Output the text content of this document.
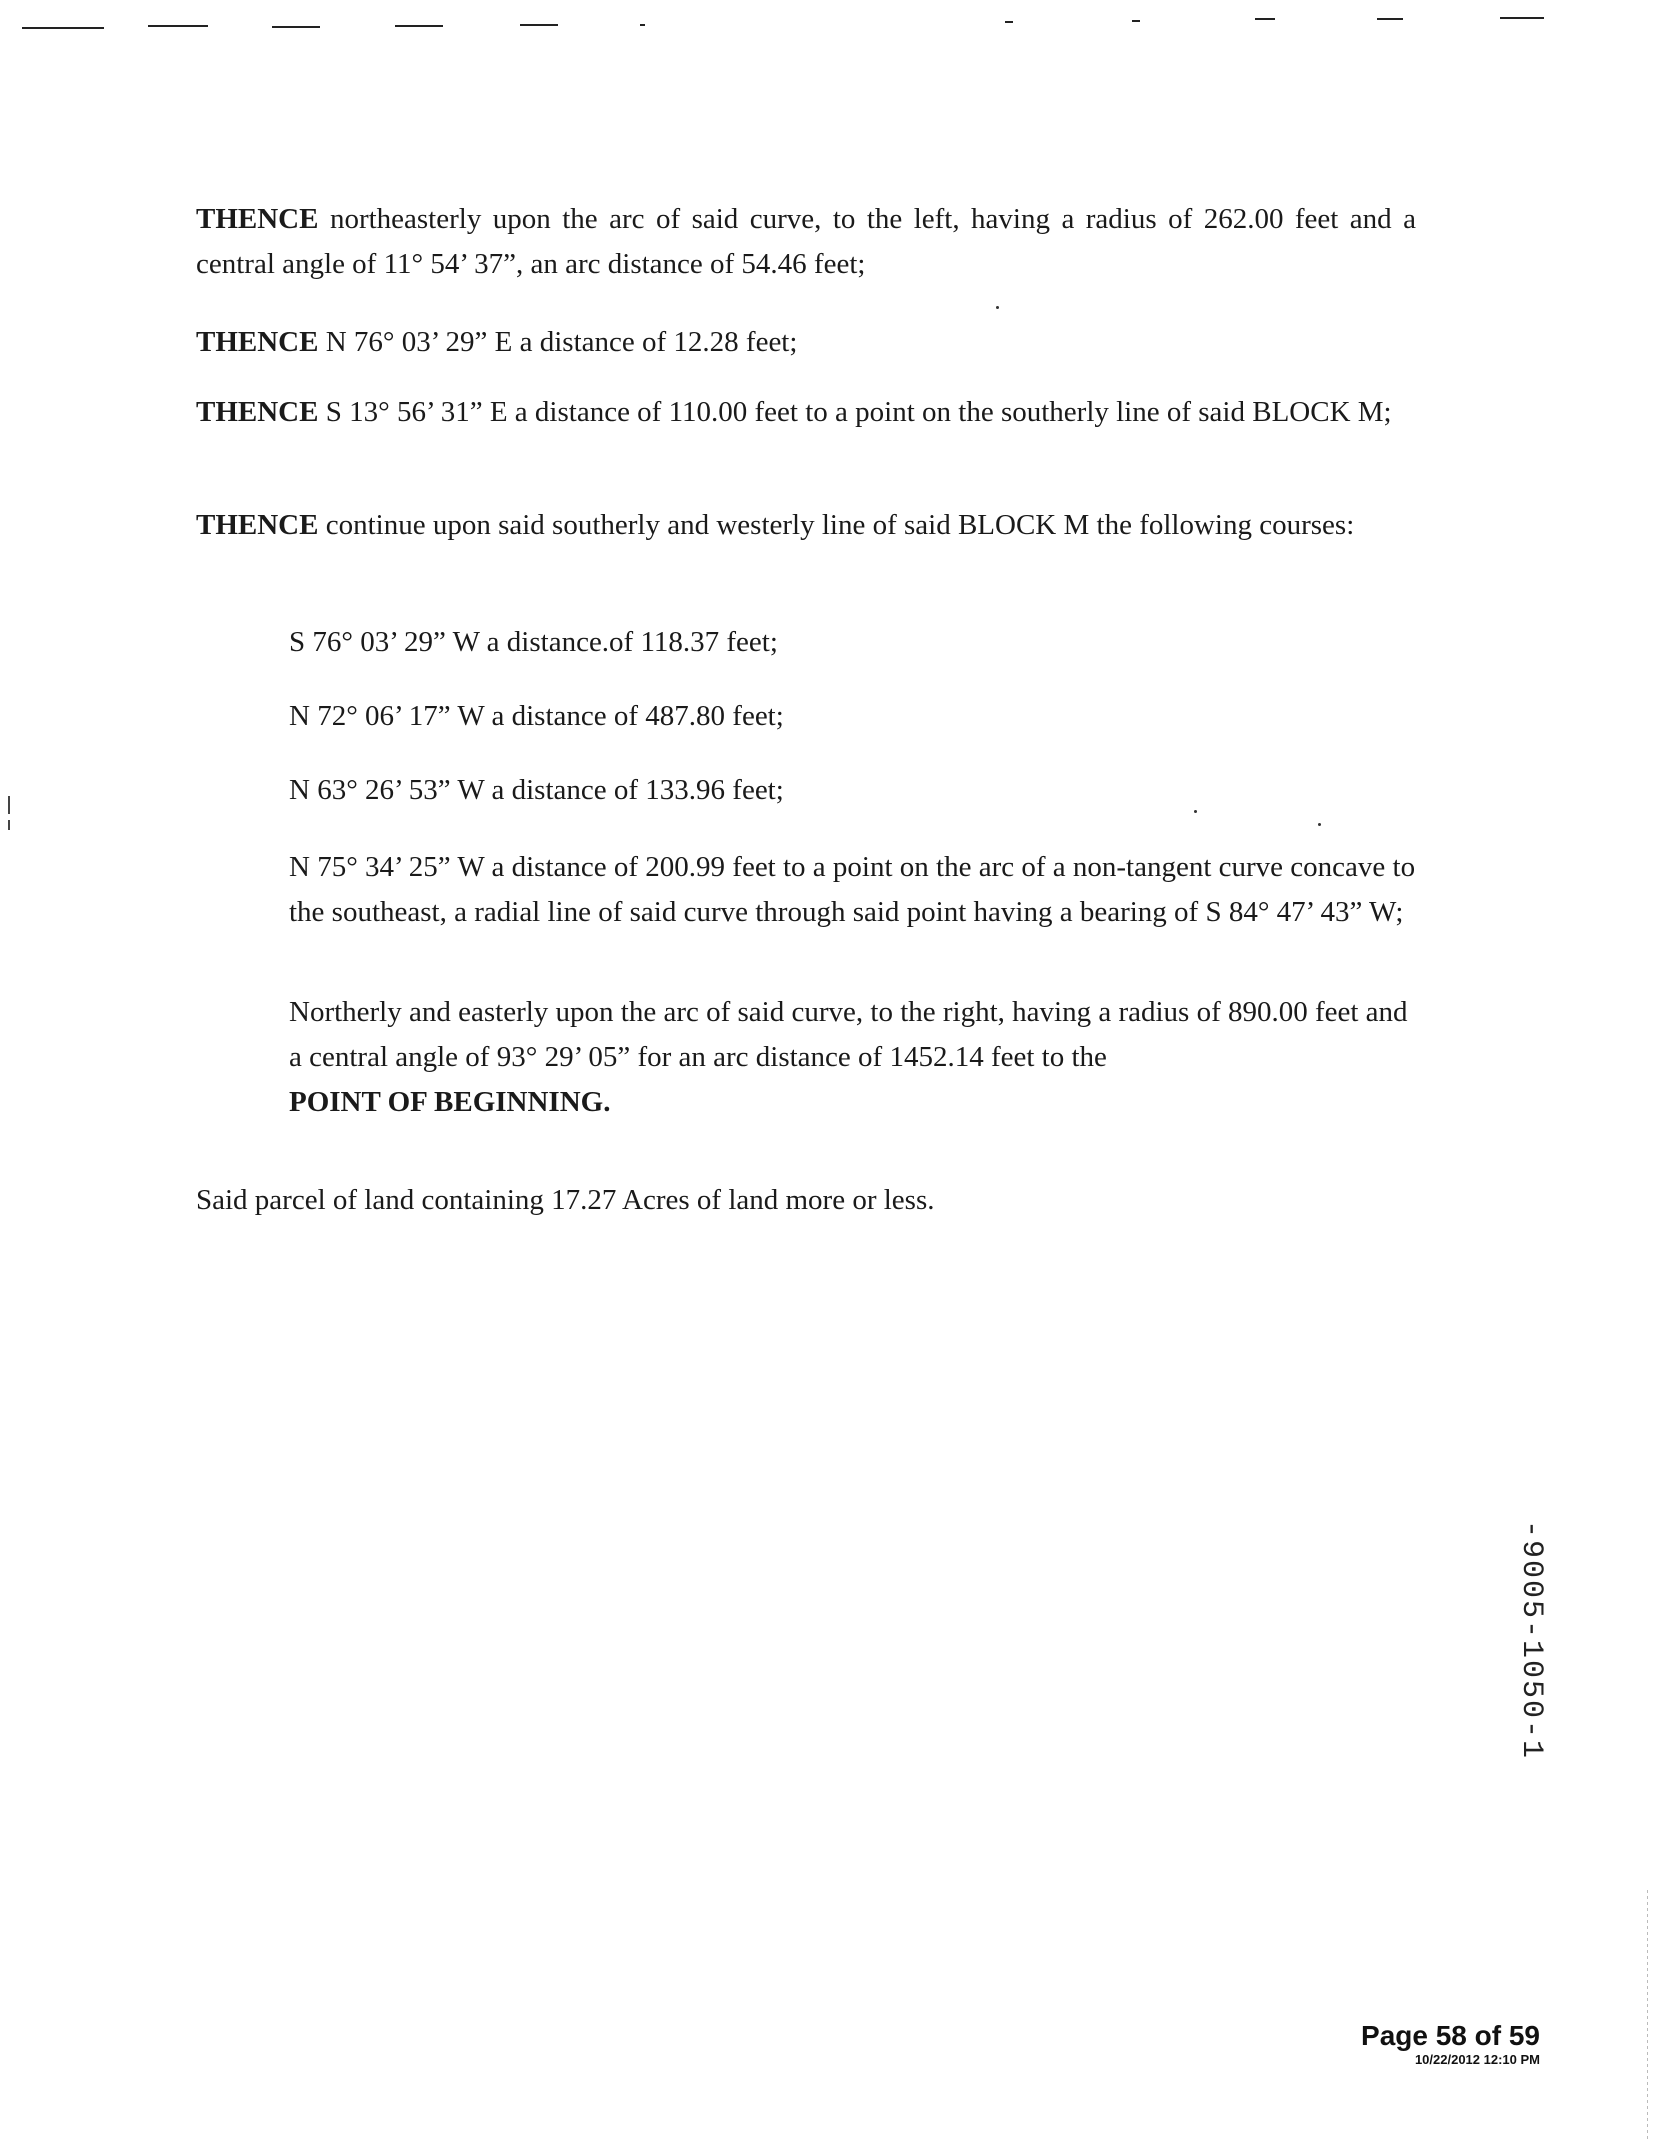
THENCE northeasterly upon the arc of said curve, to the left, having a radius of 262.00 feet and a central angle of 11° 54’ 37”, an arc distance of 54.46 feet;

THENCE N 76° 03’ 29” E a distance of 12.28 feet;

THENCE S 13° 56’ 31” E a distance of 110.00 feet to a point on the southerly line of said BLOCK M;

THENCE continue upon said southerly and westerly line of said BLOCK M the following courses:

S 76° 03’ 29” W a distance.of 118.37 feet;

N 72° 06’ 17” W a distance of 487.80 feet;

N 63° 26’ 53” W a distance of 133.96 feet;

N 75° 34’ 25” W a distance of 200.99 feet to a point on the arc of a non-tangent curve concave to the southeast, a radial line of said curve through said point having a bearing of S 84° 47’ 43” W;

Northerly and easterly upon the arc of said curve, to the right, having a radius of 890.00 feet and a central angle of 93° 29’ 05” for an arc distance of 1452.14 feet to the
POINT OF BEGINNING.

Said parcel of land containing 17.27 Acres of land more or less.

-9005-1050-1
Page 58 of 59
10/22/2012 12:10 PM
